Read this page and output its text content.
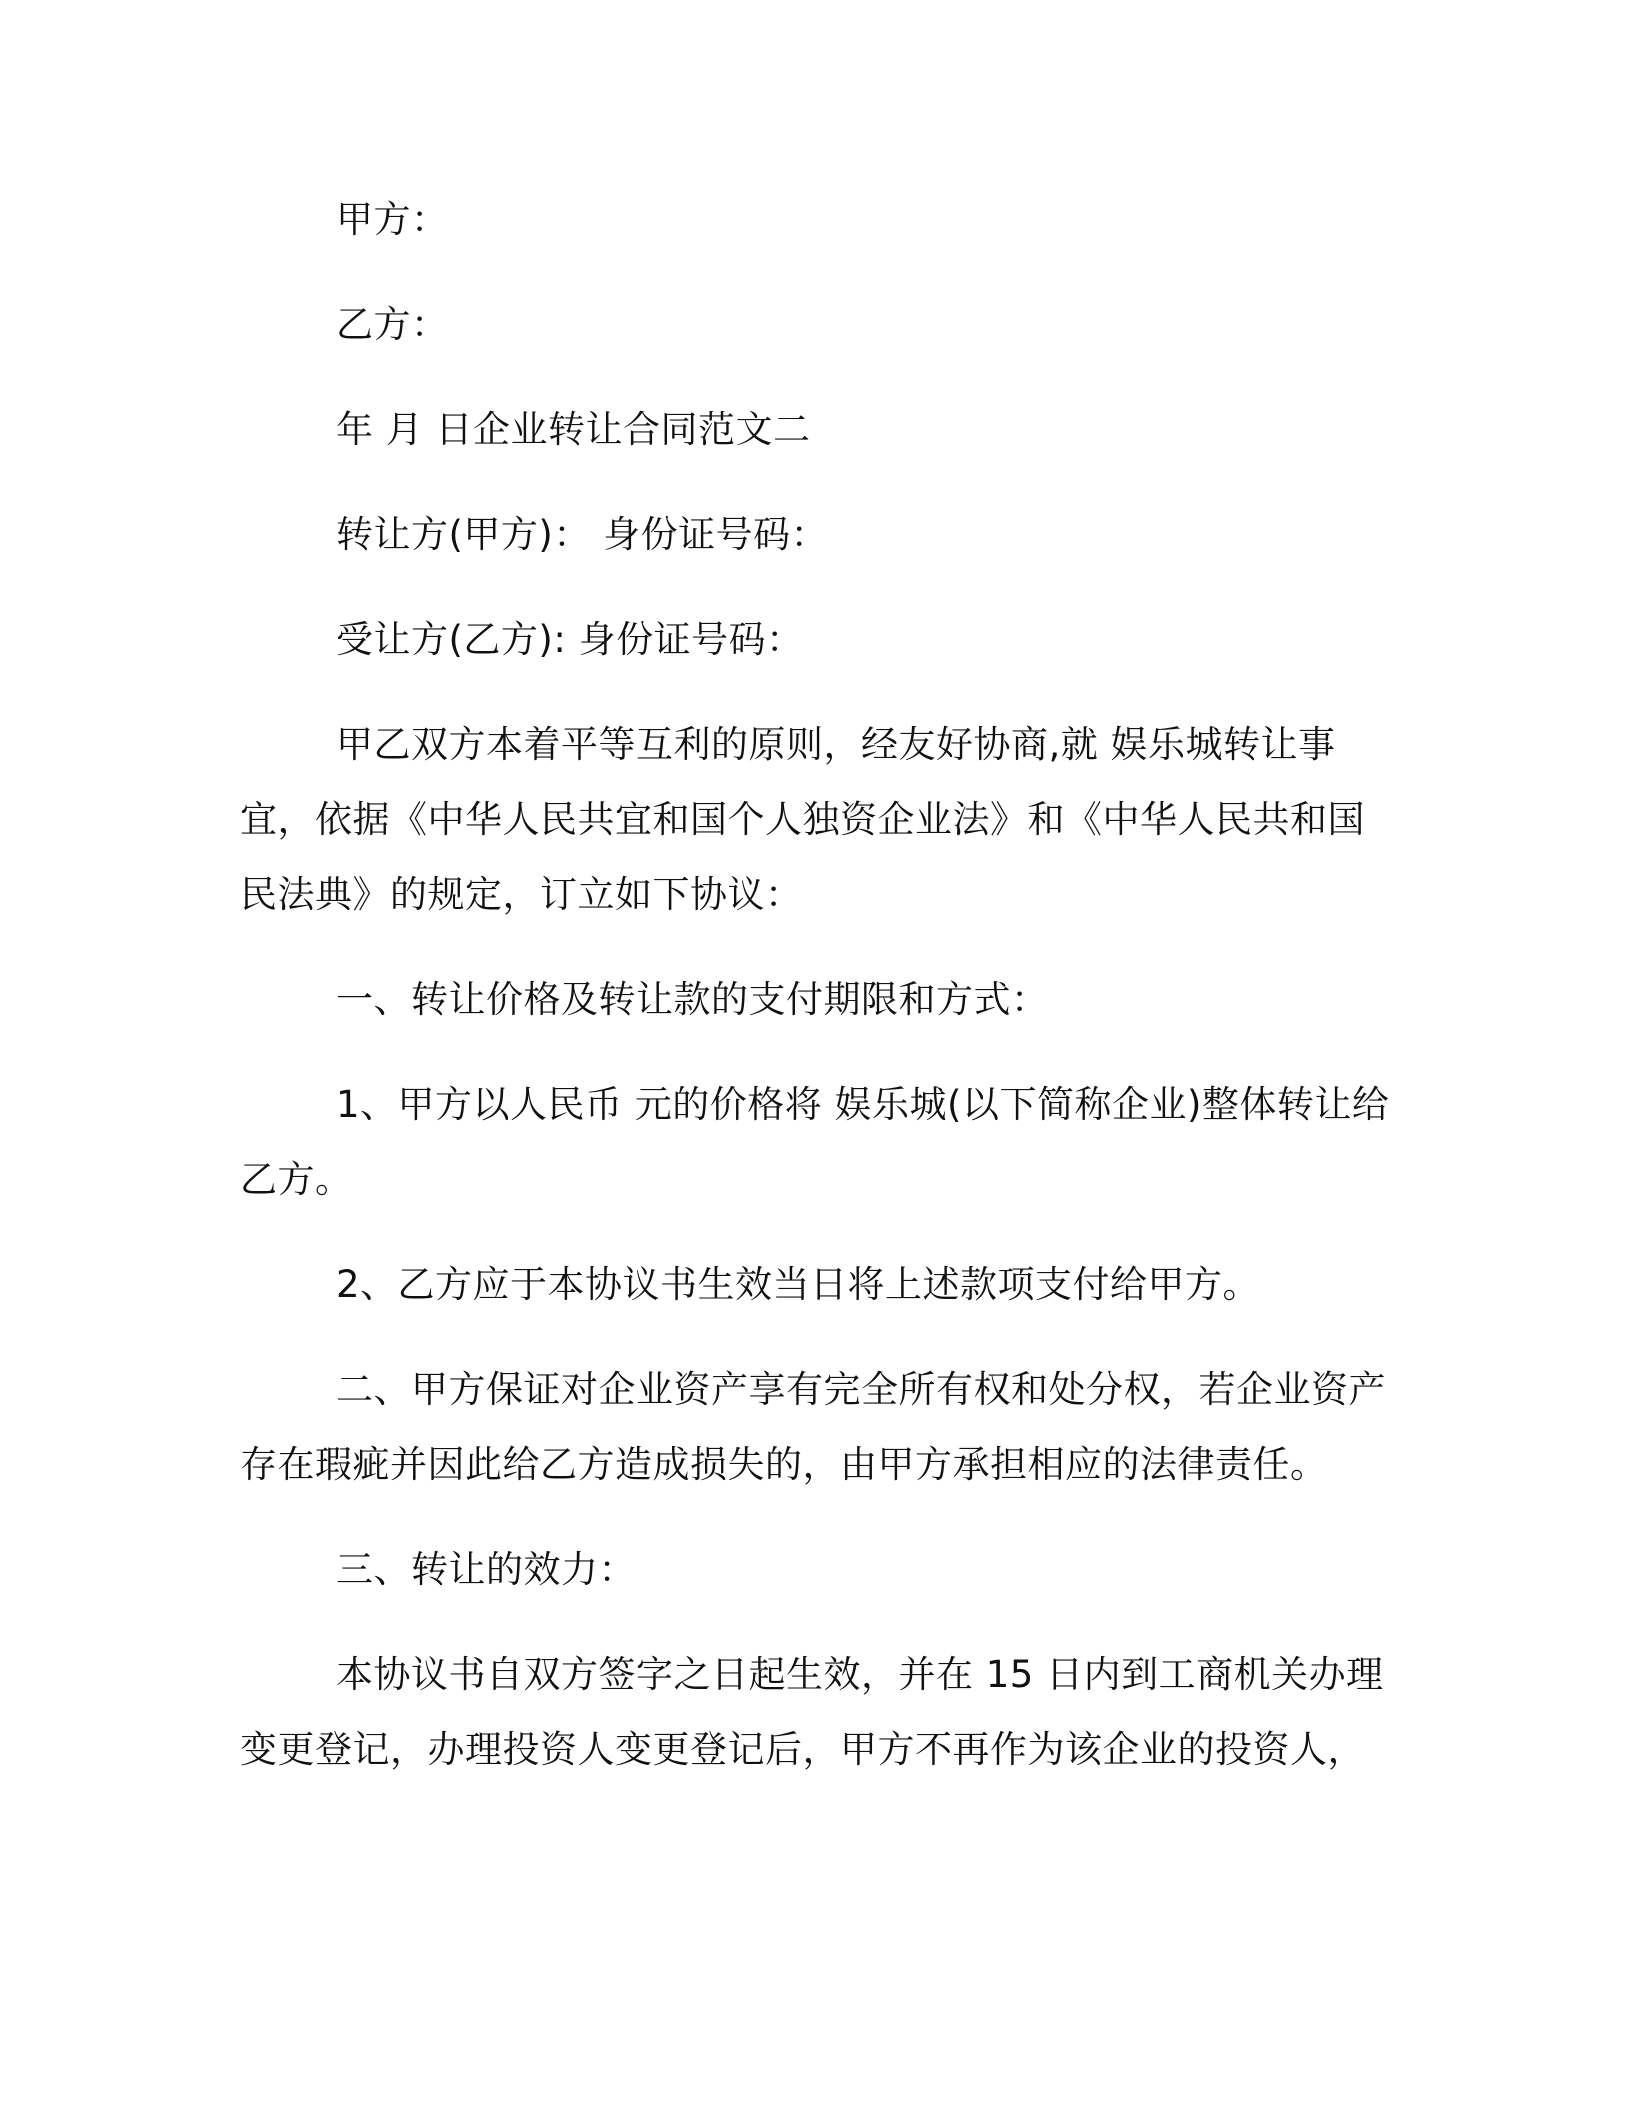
甲方：

乙方：

年 月 日企业转让合同范文二

转让方(甲方)： 身份证号码：

受让方(乙方): 身份证号码：

甲乙双方本着平等互利的原则，经友好协商,就 娱乐城转让事宜，依据《中华人民共宜和国个人独资企业法》和《中华人民共和国民法典》的规定，订立如下协议：

一、转让价格及转让款的支付期限和方式：

1、甲方以人民币 元的价格将 娱乐城(以下简称企业)整体转让给乙方。

2、乙方应于本协议书生效当日将上述款项支付给甲方。

二、甲方保证对企业资产享有完全所有权和处分权，若企业资产存在瑕疵并因此给乙方造成损失的，由甲方承担相应的法律责任。

三、转让的效力：

本协议书自双方签字之日起生效，并在 15 日内到工商机关办理变更登记，办理投资人变更登记后，甲方不再作为该企业的投资人，
